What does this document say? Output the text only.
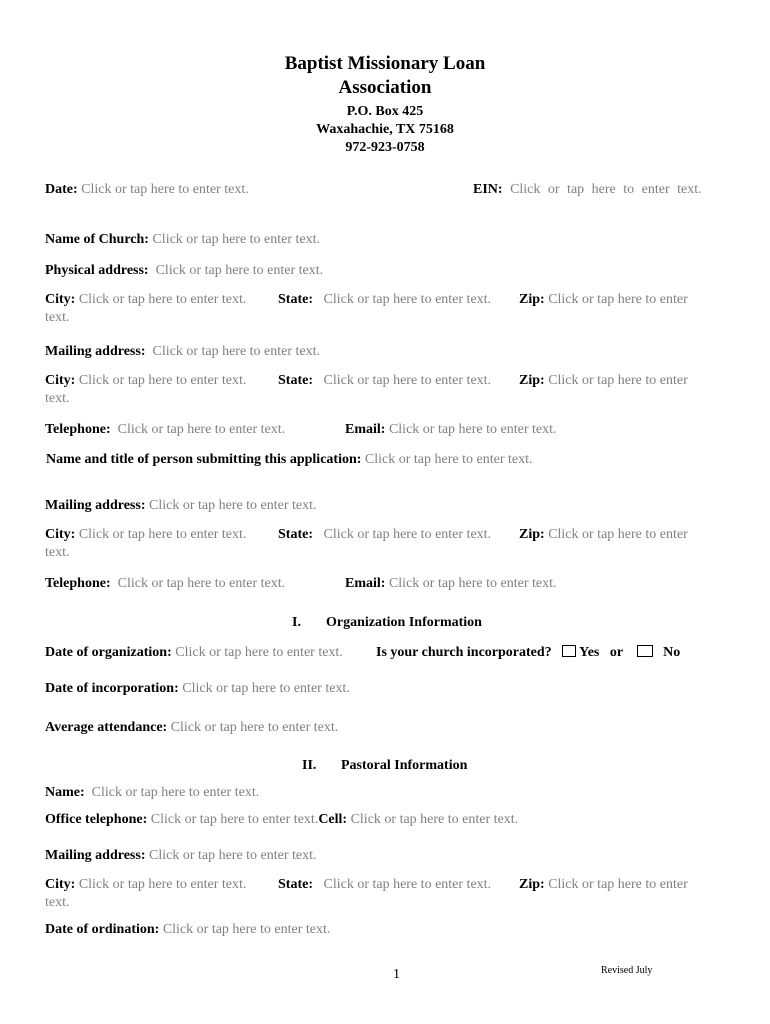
Baptist Missionary Loan
Association
P.O. Box 425
Waxahachie, TX 75168
972-923-0758
Date: Click or tap here to enter text.	EIN: Click or tap here to enter text.
Name of Church: Click or tap here to enter text.
Physical address: Click or tap here to enter text.
City: Click or tap here to enter text.	State: Click or tap here to enter text. Zip: Click or tap here to enter
text.
Mailing address: Click or tap here to enter text.
City: Click or tap here to enter text.	State: Click or tap here to enter text. Zip: Click or tap here to enter
text.
Telephone: Click or tap here to enter text.	Email: Click or tap here to enter text.
Name and title of person submitting this application: Click or tap here to enter text.
Mailing address: Click or tap here to enter text.
City: Click or tap here to enter text.	State: Click or tap here to enter text. Zip: Click or tap here to enter
text.
Telephone: Click or tap here to enter text.	Email: Click or tap here to enter text.
I. Organization Information
Date of organization: Click or tap here to enter text. Is your church incorporated? Yes or	No
Date of incorporation: Click or tap here to enter text.
Average attendance: Click or tap here to enter text.
II. Pastoral Information
Name: Click or tap here to enter text.
Office telephone: Click or tap here to enter text.Cell: Click or tap here to enter text.
Mailing address: Click or tap here to enter text.
City: Click or tap here to enter text.	State: Click or tap here to enter text. Zip: Click or tap here to enter
text.
Date of ordination: Click or tap here to enter text.
1	Revised July
